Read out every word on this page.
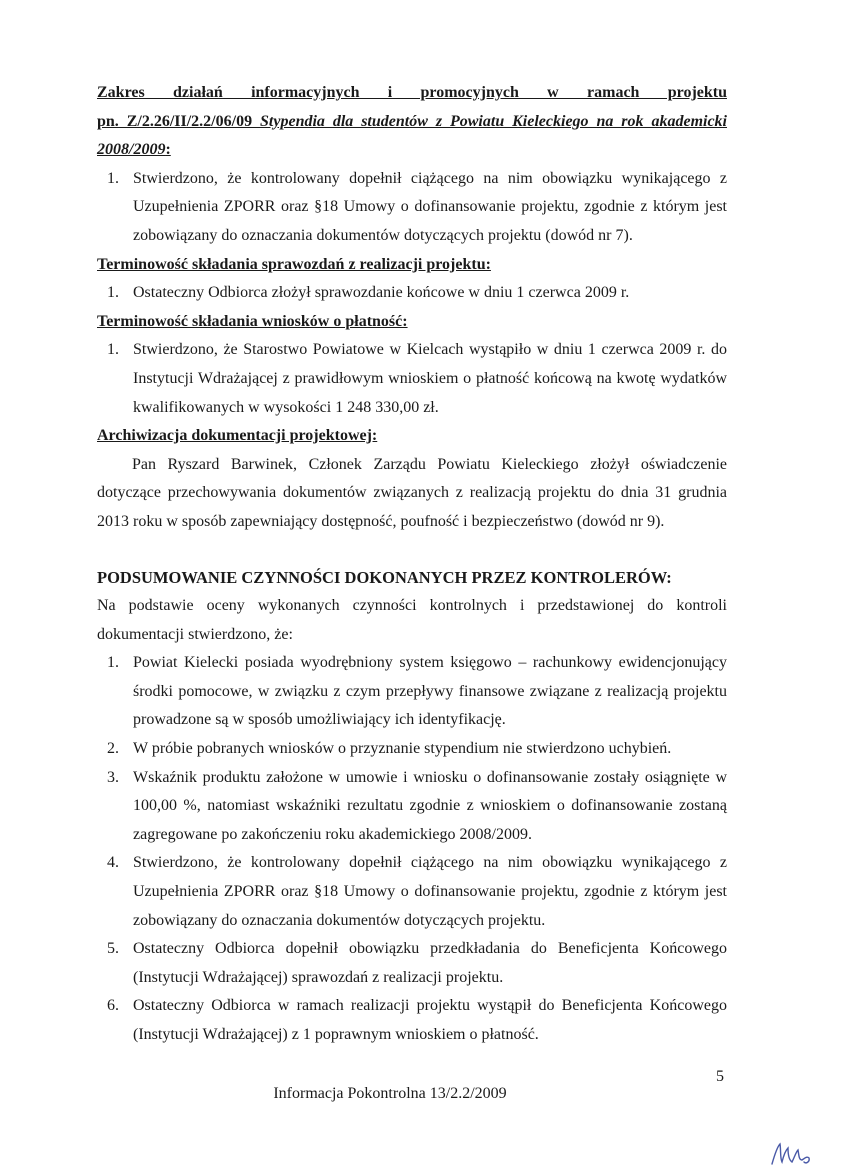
Zakres działań informacyjnych i promocyjnych w ramach projektu

pn. Z/2.26/II/2.2/06/09 Stypendia dla studentów z Powiatu Kieleckiego na rok akademicki

2008/2009:

1. Stwierdzono, że kontrolowany dopełnił ciążącego na nim obowiązku wynikającego z Uzupełnienia ZPORR oraz §18 Umowy o dofinansowanie projektu, zgodnie z którym jest zobowiązany do oznaczania dokumentów dotyczących projektu (dowód nr 7).

Terminowość składania sprawozdań z realizacji projektu:

1. Ostateczny Odbiorca złożył sprawozdanie końcowe w dniu 1 czerwca 2009 r.

Terminowość składania wniosków o płatność:

1. Stwierdzono, że Starostwo Powiatowe w Kielcach wystąpiło w dniu 1 czerwca 2009 r. do Instytucji Wdrażającej z prawidłowym wnioskiem o płatność końcową na kwotę wydatków kwalifikowanych w wysokości 1 248 330,00 zł.

Archiwizacja dokumentacji projektowej:

Pan Ryszard Barwinek, Członek Zarządu Powiatu Kieleckiego złożył oświadczenie dotyczące przechowywania dokumentów związanych z realizacją projektu do dnia 31 grudnia 2013 roku w sposób zapewniający dostępność, poufność i bezpieczeństwo (dowód nr 9).

PODSUMOWANIE CZYNNOŚCI DOKONANYCH PRZEZ KONTROLERÓW:

Na podstawie oceny wykonanych czynności kontrolnych i przedstawionej do kontroli dokumentacji stwierdzono, że:

1. Powiat Kielecki posiada wyodrębniony system księgowo – rachunkowy ewidencjonujący środki pomocowe, w związku z czym przepływy finansowe związane z realizacją projektu prowadzone są w sposób umożliwiający ich identyfikację.
2. W próbie pobranych wniosków o przyznanie stypendium nie stwierdzono uchybień.
3. Wskaźnik produktu założone w umowie i wniosku o dofinansowanie zostały osiągnięte w 100,00 %, natomiast wskaźniki rezultatu zgodnie z wnioskiem o dofinansowanie zostaną zagregowane po zakończeniu roku akademickiego 2008/2009.
4. Stwierdzono, że kontrolowany dopełnił ciążącego na nim obowiązku wynikającego z Uzupełnienia ZPORR oraz §18 Umowy o dofinansowanie projektu, zgodnie z którym jest zobowiązany do oznaczania dokumentów dotyczących projektu.
5. Ostateczny Odbiorca dopełnił obowiązku przedkładania do Beneficjenta Końcowego (Instytucji Wdrażającej) sprawozdań z realizacji projektu.
6. Ostateczny Odbiorca w ramach realizacji projektu wystąpił do Beneficjenta Końcowego (Instytucji Wdrażającej) z 1 poprawnym wnioskiem o płatność.
5
Informacja Pokontrolna 13/2.2/2009
